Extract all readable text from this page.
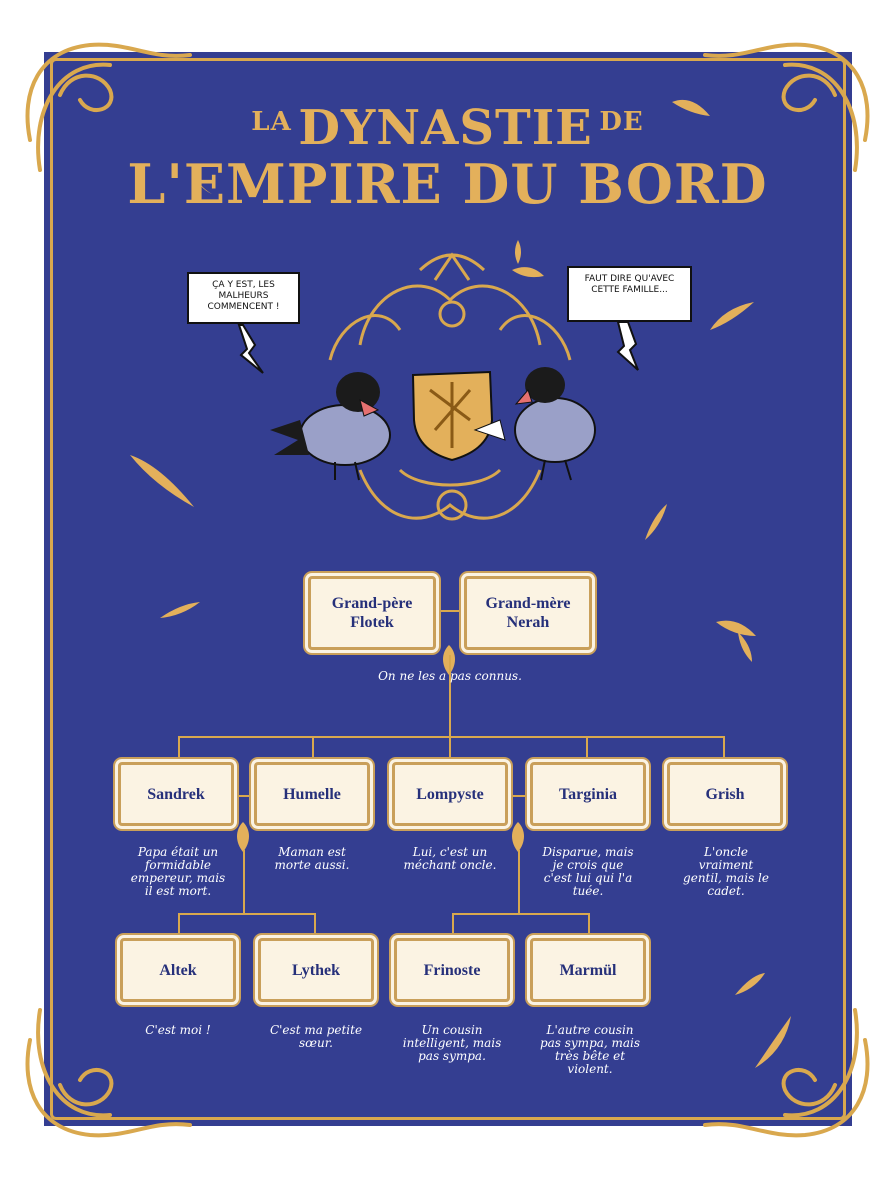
LA DYNASTIE DE
L'EMPIRE DU BORD
ÇA Y EST, LES MALHEURS COMMENCENT !
FAUT DIRE QU'AVEC CETTE FAMILLE...
Grand-père
Flotek
Grand-mère
Nerah
On ne les a pas connus.
Sandrek	Humelle	Lompyste	Targinia	Grish
Papa était un formidable empereur, mais il est mort.
Maman est morte aussi.
Lui, c'est un méchant oncle.
Disparue, mais je crois que c'est lui qui l'a tuée.
L'oncle vraiment gentil, mais le cadet.
Altek	Lythek	Frinoste	Marmül
C'est moi !	C'est ma petite sœur.
Un cousin intelligent, mais pas sympa.
L'autre cousin pas sympa, mais très bête et violent.
